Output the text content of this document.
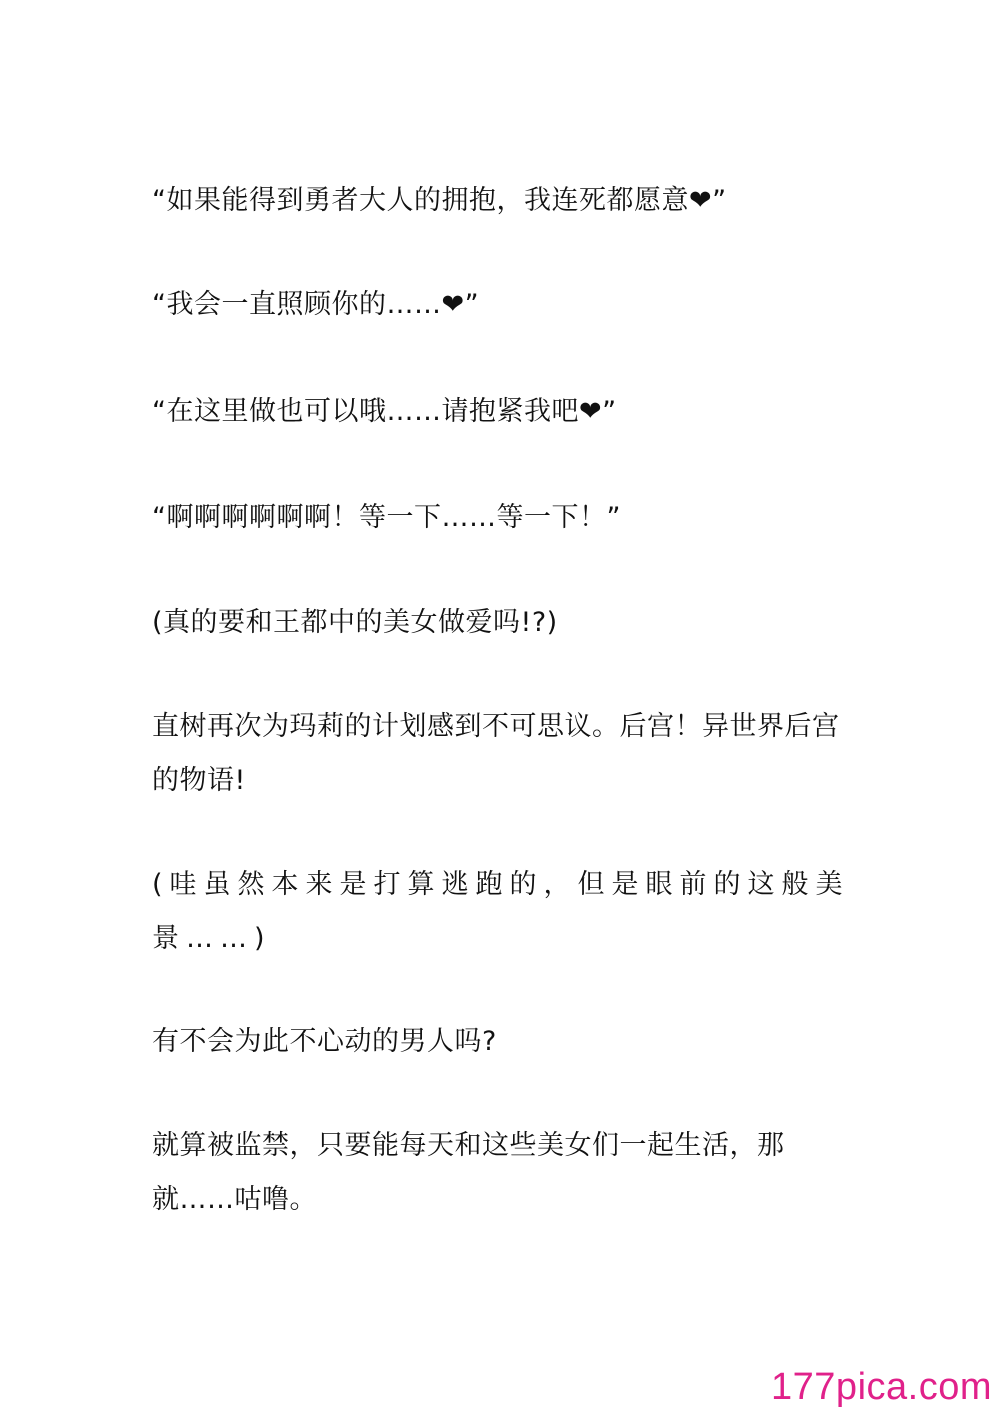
“如果能得到勇者大人的拥抱，我连死都愿意❤”
“我会一直照顾你的……❤”
“在这里做也可以哦……请抱紧我吧❤”
“啊啊啊啊啊啊！等一下……等一下！”
(真的要和王都中的美女做爱吗!?)
直树再次为玛莉的计划感到不可思议。后宫！异世界后宫的物语!
(哇虽然本来是打算逃跑的，但是眼前的这般美景……)
有不会为此不心动的男人吗?
就算被监禁，只要能每天和这些美女们一起生活，那就……咕噜。
177pica.com
